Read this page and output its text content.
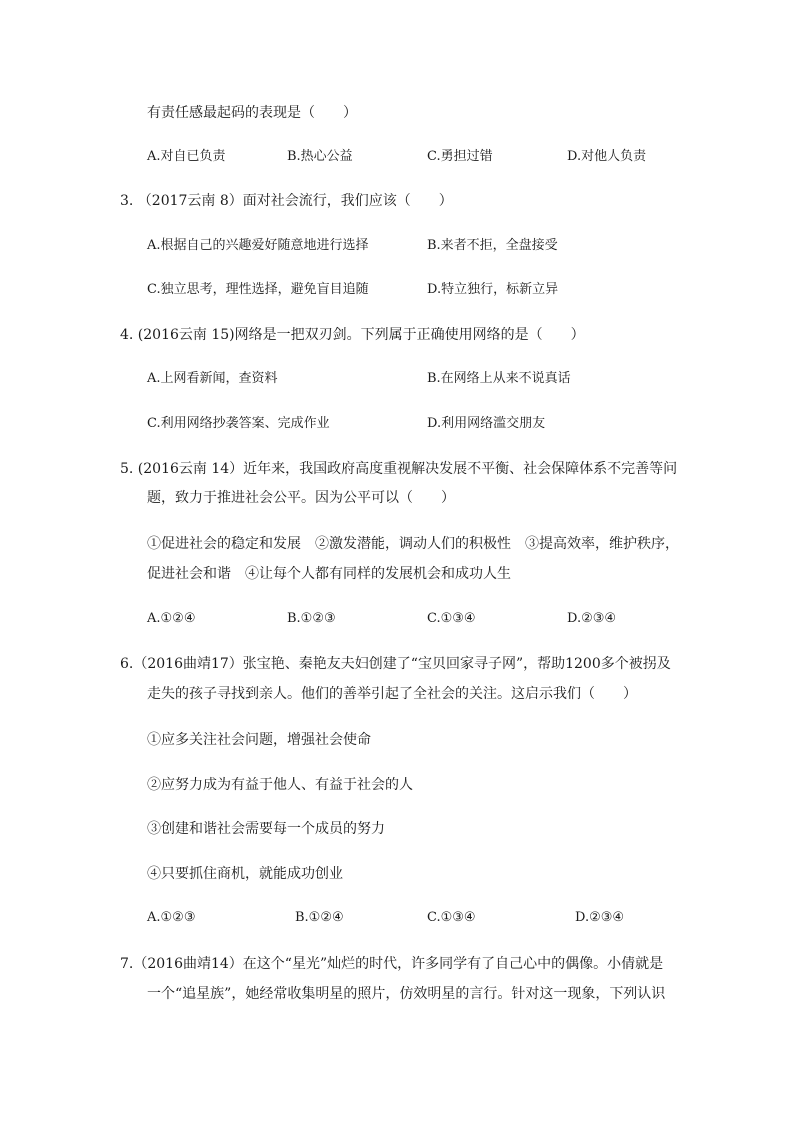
有责任感最起码的表现是（　　）
A.对自已负责	B.热心公益	C.勇担过错	D.对他人负责
3. （2017云南 8）面对社会流行，我们应该（　　）
A.根据自己的兴趣爱好随意地进行选择	B.来者不拒，全盘接受
C.独立思考，理性选择，避免盲目追随	D.特立独行，标新立异
4. (2016云南 15)网络是一把双刃剑。下列属于正确使用网络的是（　　）
A.上网看新闻，查资料	B.在网络上从来不说真话
C.利用网络抄袭答案、完成作业	D.利用网络滥交朋友
5. (2016云南 14）近年来，我国政府高度重视解决发展不平衡、社会保障体系不完善等问
题，致力于推进社会公平。因为公平可以（　　）
①促进社会的稳定和发展　②激发潜能，调动人们的积极性　③提高效率，维护秩序，
促进社会和谐　④让每个人都有同样的发展机会和成功人生
A.①②④	B.①②③	C.①③④	D.②③④
6.（2016曲靖17）张宝艳、秦艳友夫妇创建了“宝贝回家寻子网”，帮助1200多个被拐及
走失的孩子寻找到亲人。他们的善举引起了全社会的关注。这启示我们（　　）
①应多关注社会问题，增强社会使命
②应努力成为有益于他人、有益于社会的人
③创建和谐社会需要每一个成员的努力
④只要抓住商机，就能成功创业
A.①②③	B.①②④	C.①③④	D.②③④
7.（2016曲靖14）在这个“星光”灿烂的时代，许多同学有了自己心中的偶像。小倩就是
一个“追星族”，她经常收集明星的照片，仿效明星的言行。针对这一现象，下列认识
